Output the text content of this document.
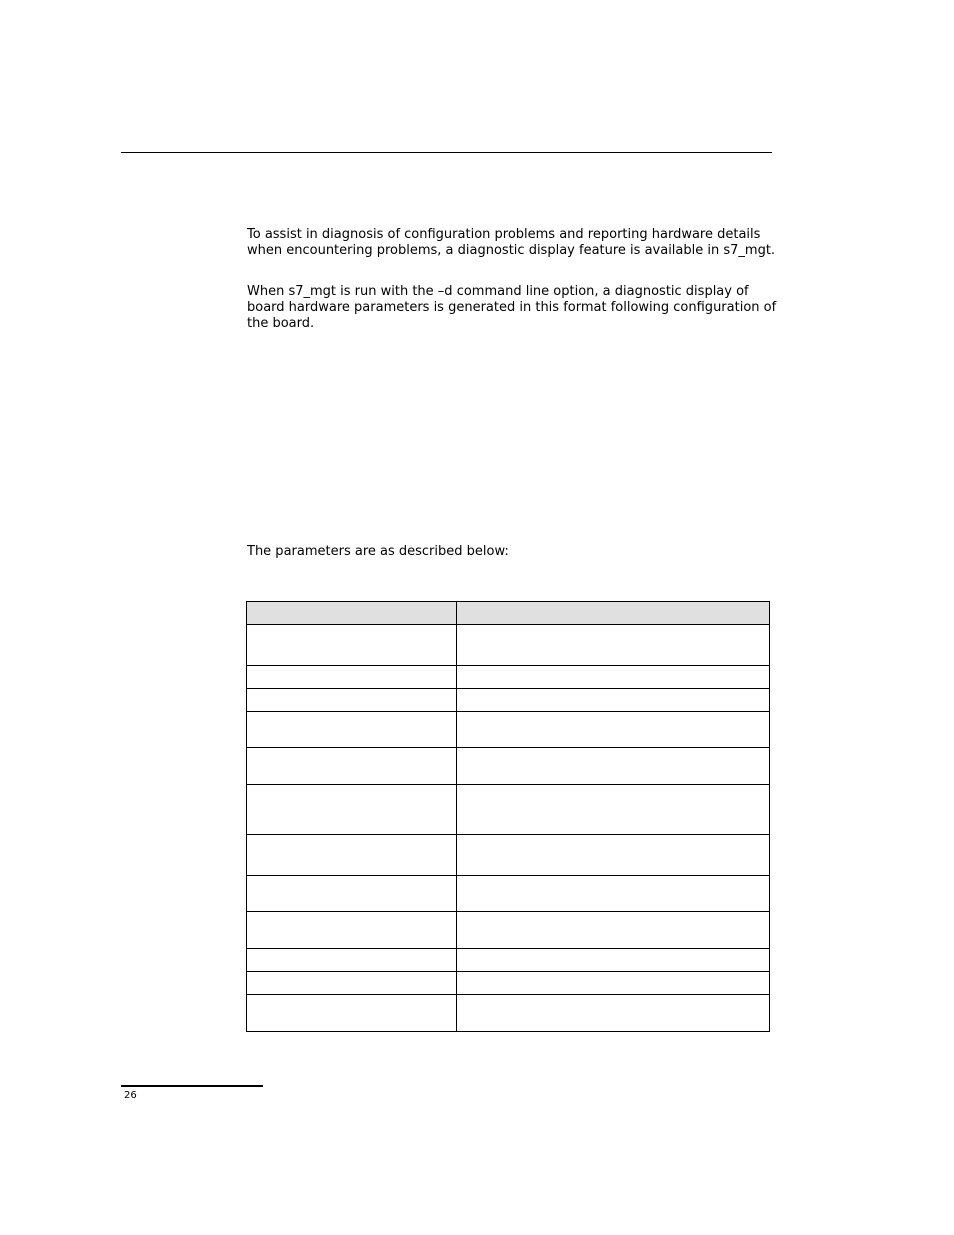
To assist in diagnosis of configuration problems and reporting hardware details when encountering problems, a diagnostic display feature is available in s7_mgt.

When s7_mgt is run with the –d command line option, a diagnostic display of board hardware parameters is generated in this format following configuration of the board.

The parameters are as described below:

26
